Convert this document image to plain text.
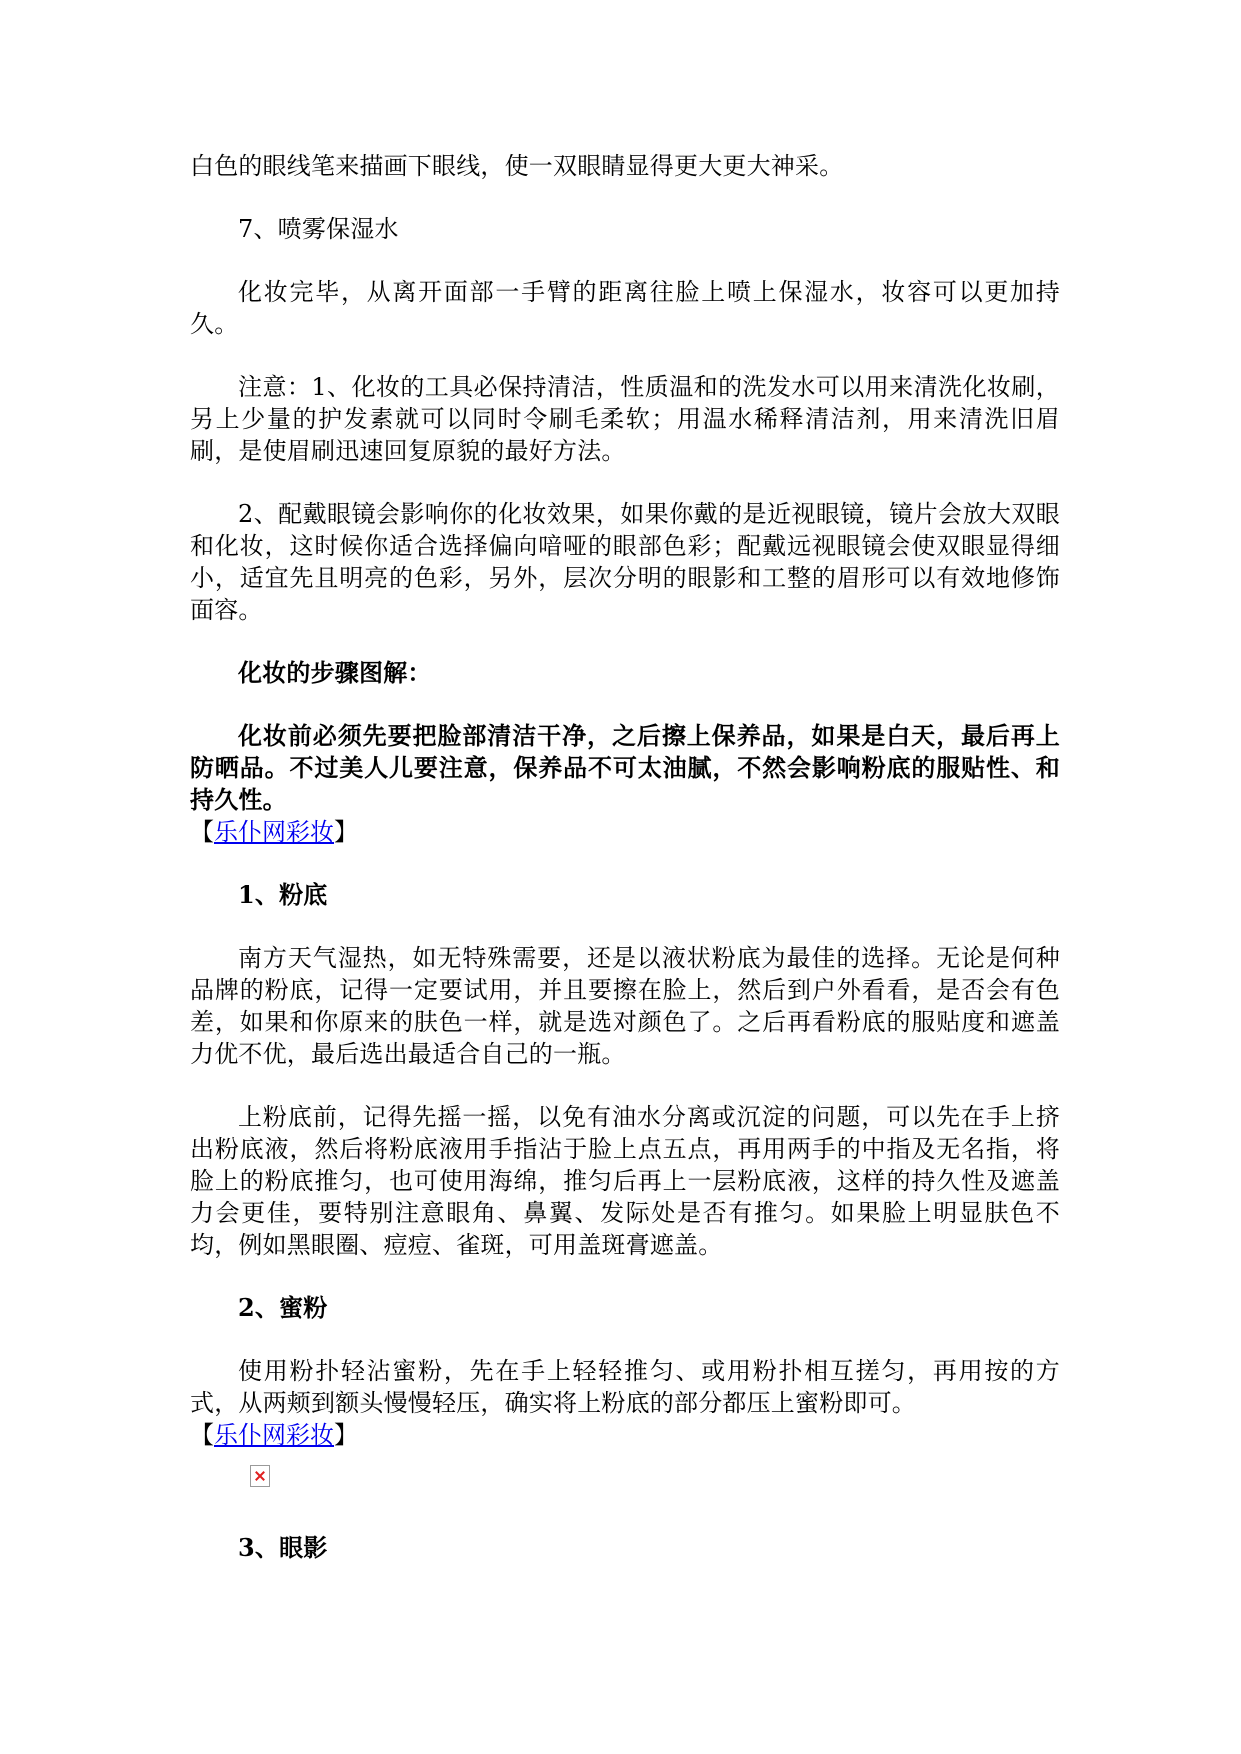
白色的眼线笔来描画下眼线，使一双眼睛显得更大更大神采。

7、喷雾保湿水

化妆完毕，从离开面部一手臂的距离往脸上喷上保湿水，妆容可以更加持久。

注意：1、化妆的工具必保持清洁，性质温和的洗发水可以用来清洗化妆刷，另上少量的护发素就可以同时令刷毛柔软；用温水稀释清洁剂，用来清洗旧眉刷，是使眉刷迅速回复原貌的最好方法。

2、配戴眼镜会影响你的化妆效果，如果你戴的是近视眼镜，镜片会放大双眼和化妆，这时候你适合选择偏向喑哑的眼部色彩；配戴远视眼镜会使双眼显得细小，适宜先且明亮的色彩，另外，层次分明的眼影和工整的眉形可以有效地修饰面容。

化妆的步骤图解：

化妆前必须先要把脸部清洁干净，之后擦上保养品，如果是白天，最后再上防晒品。不过美人儿要注意，保养品不可太油腻，不然会影响粉底的服贴性、和持久性。

【乐仆网彩妆】

1、粉底

南方天气湿热，如无特殊需要，还是以液状粉底为最佳的选择。无论是何种品牌的粉底，记得一定要试用，并且要擦在脸上，然后到户外看看，是否会有色差，如果和你原来的肤色一样，就是选对颜色了。之后再看粉底的服贴度和遮盖力优不优，最后选出最适合自己的一瓶。

上粉底前，记得先摇一摇，以免有油水分离或沉淀的问题，可以先在手上挤出粉底液，然后将粉底液用手指沾于脸上点五点，再用两手的中指及无名指，将脸上的粉底推匀，也可使用海绵，推匀后再上一层粉底液，这样的持久性及遮盖力会更佳，要特别注意眼角、鼻翼、发际处是否有推匀。如果脸上明显肤色不均，例如黑眼圈、痘痘、雀斑，可用盖斑膏遮盖。

2、蜜粉

使用粉扑轻沾蜜粉，先在手上轻轻推匀、或用粉扑相互搓匀，再用按的方式，从两颊到额头慢慢轻压，确实将上粉底的部分都压上蜜粉即可。

【乐仆网彩妆】

3、眼影
